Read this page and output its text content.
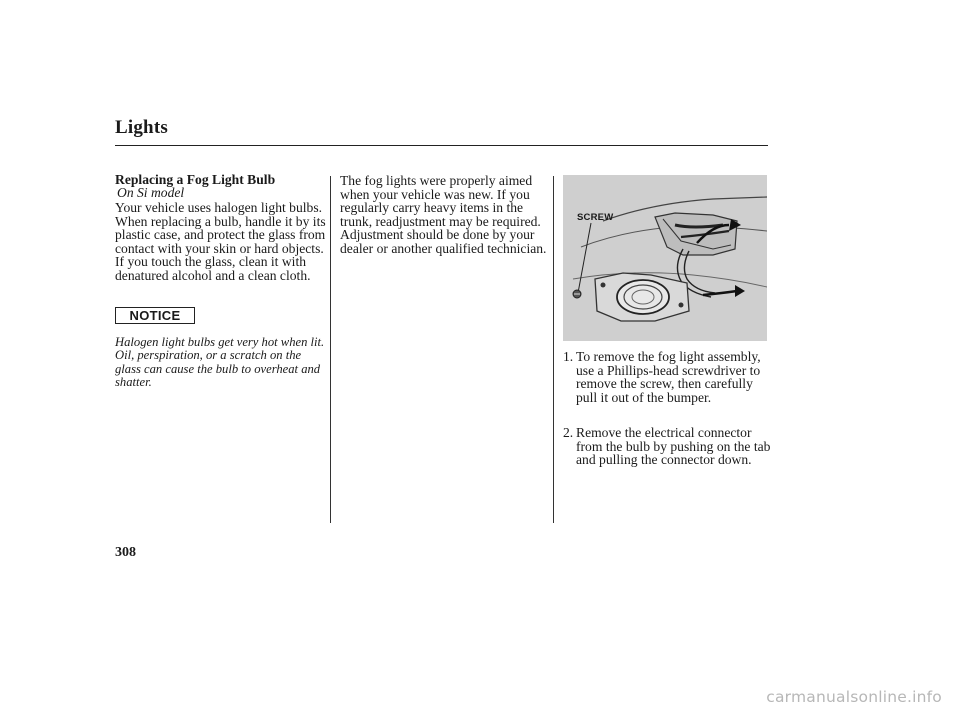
Lights
Replacing a Fog Light Bulb
On Si model

Your vehicle uses halogen light bulbs. When replacing a bulb, handle it by its plastic case, and protect the glass from contact with your skin or hard objects. If you touch the glass, clean it with denatured alcohol and a clean cloth.

NOTICE

Halogen light bulbs get very hot when lit. Oil, perspiration, or a scratch on the glass can cause the bulb to overheat and shatter.

The fog lights were properly aimed when your vehicle was new. If you regularly carry heavy items in the trunk, readjustment may be required. Adjustment should be done by your dealer or another qualified technician.

SCREW

1. To remove the fog light assembly, use a Phillips-head screwdriver to remove the screw, then carefully pull it out of the bumper.

2. Remove the electrical connector from the bulb by pushing on the tab and pulling the connector down.

308
carmanualsonline.info
